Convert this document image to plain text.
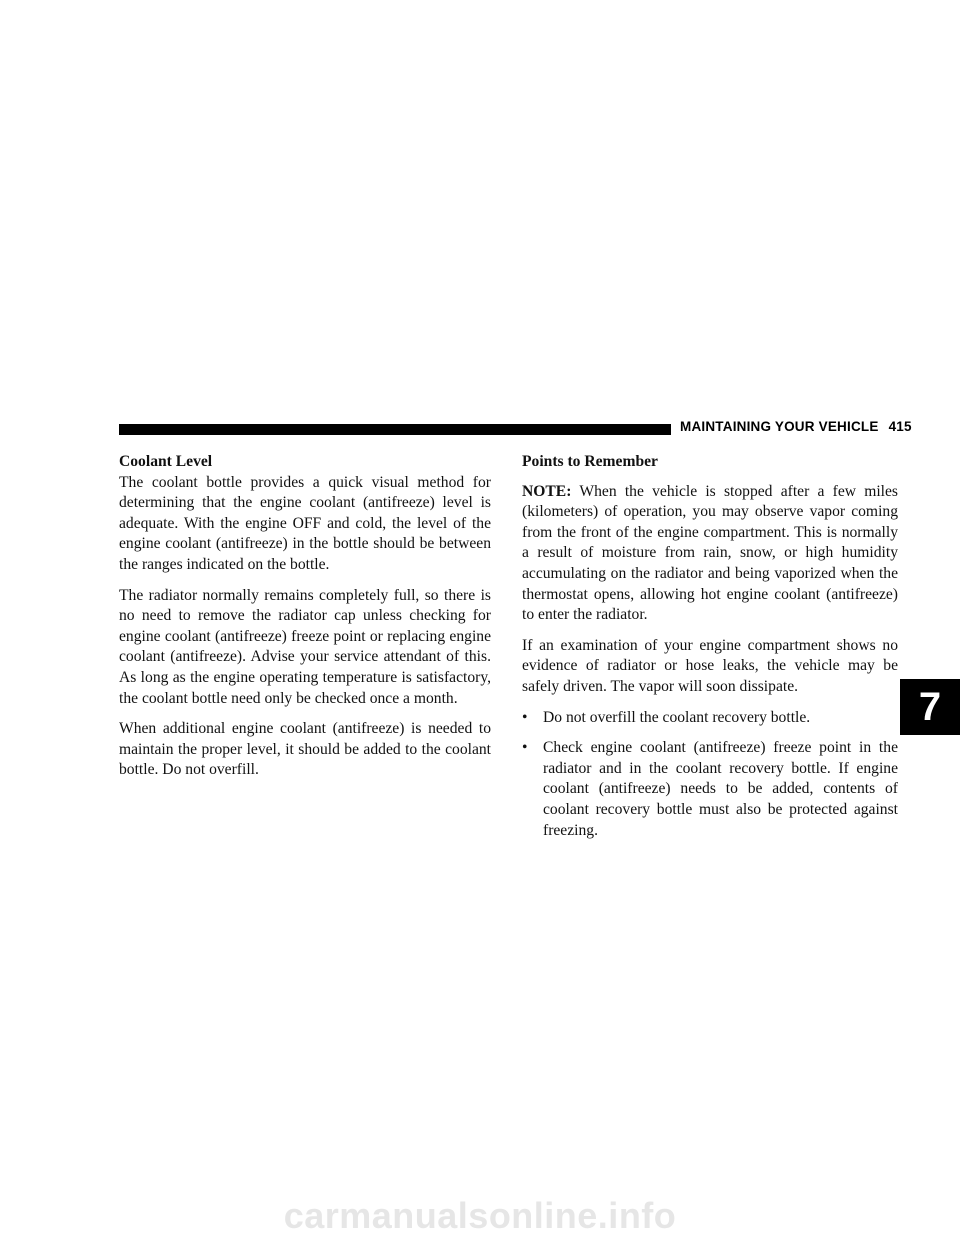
MAINTAINING YOUR VEHICLE 415
Coolant Level

The coolant bottle provides a quick visual method for determining that the engine coolant (antifreeze) level is adequate. With the engine OFF and cold, the level of the engine coolant (antifreeze) in the bottle should be between the ranges indicated on the bottle.

The radiator normally remains completely full, so there is no need to remove the radiator cap unless checking for engine coolant (antifreeze) freeze point or replacing engine coolant (antifreeze). Advise your service attendant of this. As long as the engine operating temperature is satisfactory, the coolant bottle need only be checked once a month.

When additional engine coolant (antifreeze) is needed to maintain the proper level, it should be added to the coolant bottle. Do not overfill.

Points to Remember

NOTE: When the vehicle is stopped after a few miles (kilometers) of operation, you may observe vapor coming from the front of the engine compartment. This is normally a result of moisture from rain, snow, or high humidity accumulating on the radiator and being vaporized when the thermostat opens, allowing hot engine coolant (antifreeze) to enter the radiator.

If an examination of your engine compartment shows no evidence of radiator or hose leaks, the vehicle may be safely driven. The vapor will soon dissipate.

• Do not overfill the coolant recovery bottle.
• Check engine coolant (antifreeze) freeze point in the radiator and in the coolant recovery bottle. If engine coolant (antifreeze) needs to be added, contents of coolant recovery bottle must also be protected against freezing.
7
carmanualsonline.info
